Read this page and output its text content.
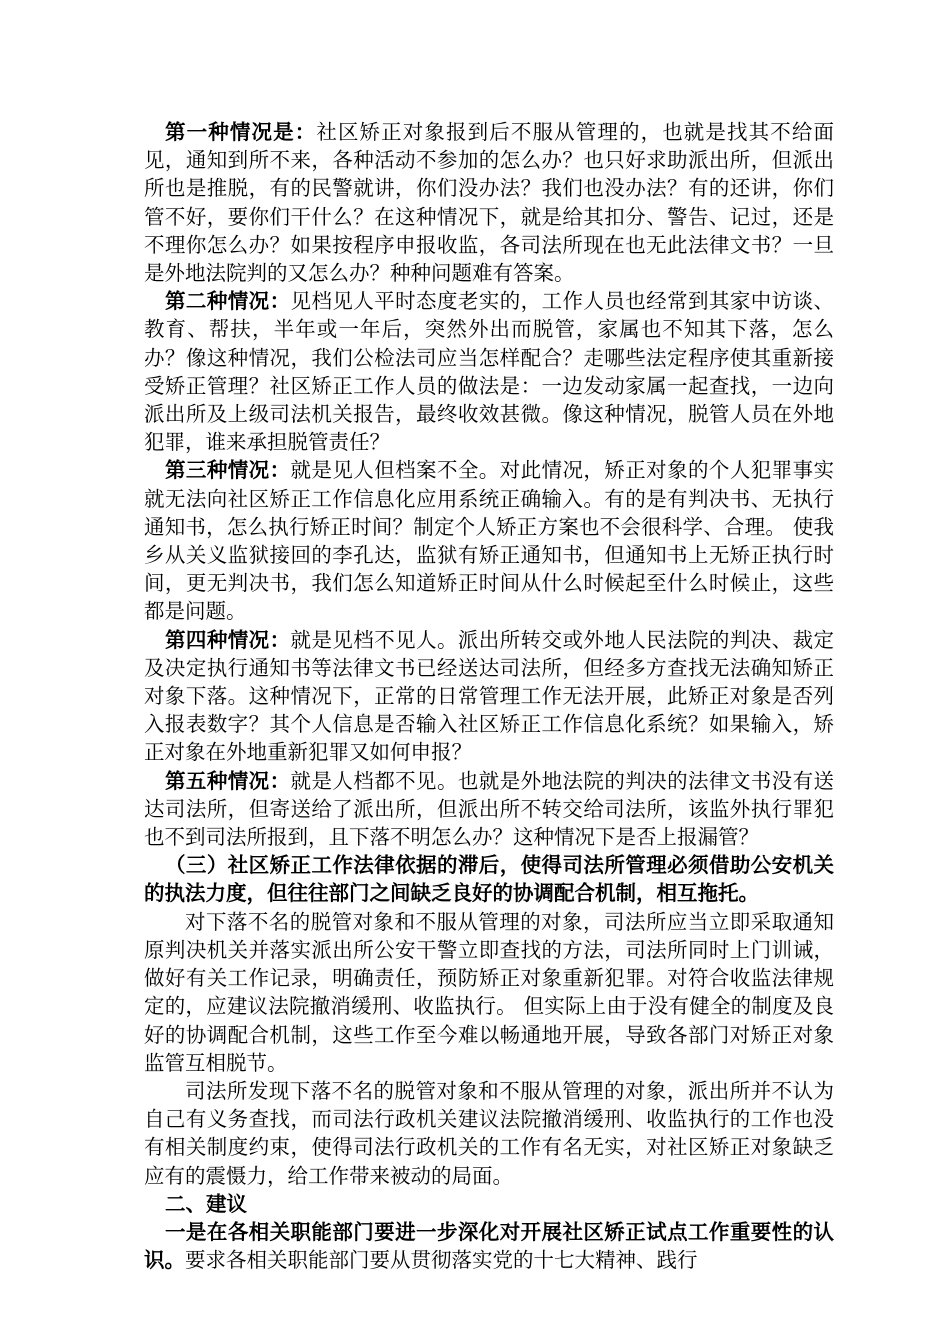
第一种情况是：社区矫正对象报到后不服从管理的，也就是找其不给面见，通知到所不来，各种活动不参加的怎么办？也只好求助派出所，但派出所也是推脱，有的民警就讲，你们没办法？我们也没办法？有的还讲，你们管不好，要你们干什么？在这种情况下，就是给其扣分、警告、记过，还是不理你怎么办？如果按程序申报收监，各司法所现在也无此法律文书？一旦是外地法院判的又怎么办？种种问题难有答案。

第二种情况：见档见人平时态度老实的，工作人员也经常到其家中访谈、教育、帮扶，半年或一年后，突然外出而脱管，家属也不知其下落，怎么办？像这种情况，我们公检法司应当怎样配合？走哪些法定程序使其重新接受矫正管理？社区矫正工作人员的做法是：一边发动家属一起查找，一边向派出所及上级司法机关报告，最终收效甚微。像这种情况，脱管人员在外地犯罪，谁来承担脱管责任？

第三种情况：就是见人但档案不全。对此情况，矫正对象的个人犯罪事实就无法向社区矫正工作信息化应用系统正确输入。有的是有判决书、无执行通知书，怎么执行矫正时间？制定个人矫正方案也不会很科学、合理。 使我乡从关义监狱接回的李孔达，监狱有矫正通知书，但通知书上无矫正执行时间，更无判决书，我们怎么知道矫正时间从什么时候起至什么时候止，这些都是问题。

第四种情况：就是见档不见人。派出所转交或外地人民法院的判决、裁定及决定执行通知书等法律文书已经送达司法所，但经多方查找无法确知矫正对象下落。这种情况下，正常的日常管理工作无法开展，此矫正对象是否列入报表数字？其个人信息是否输入社区矫正工作信息化系统？如果输入，矫正对象在外地重新犯罪又如何申报？

第五种情况：就是人档都不见。也就是外地法院的判决的法律文书没有送达司法所，但寄送给了派出所，但派出所不转交给司法所，该监外执行罪犯也不到司法所报到，且下落不明怎么办？这种情况下是否上报漏管？

（三）社区矫正工作法律依据的滞后，使得司法所管理必须借助公安机关的执法力度，但往往部门之间缺乏良好的协调配合机制，相互拖托。

对下落不名的脱管对象和不服从管理的对象，司法所应当立即采取通知原判决机关并落实派出所公安干警立即查找的方法，司法所同时上门训诫，做好有关工作记录，明确责任，预防矫正对象重新犯罪。对符合收监法律规定的，应建议法院撤消缓刑、收监执行。 但实际上由于没有健全的制度及良好的协调配合机制，这些工作至今难以畅通地开展，导致各部门对矫正对象监管互相脱节。

司法所发现下落不名的脱管对象和不服从管理的对象，派出所并不认为自己有义务查找，而司法行政机关建议法院撤消缓刑、收监执行的工作也没有相关制度约束，使得司法行政机关的工作有名无实，对社区矫正对象缺乏应有的震慑力，给工作带来被动的局面。

二、建议

一是在各相关职能部门要进一步深化对开展社区矫正试点工作重要性的认识。要求各相关职能部门要从贯彻落实党的十七大精神、践行
